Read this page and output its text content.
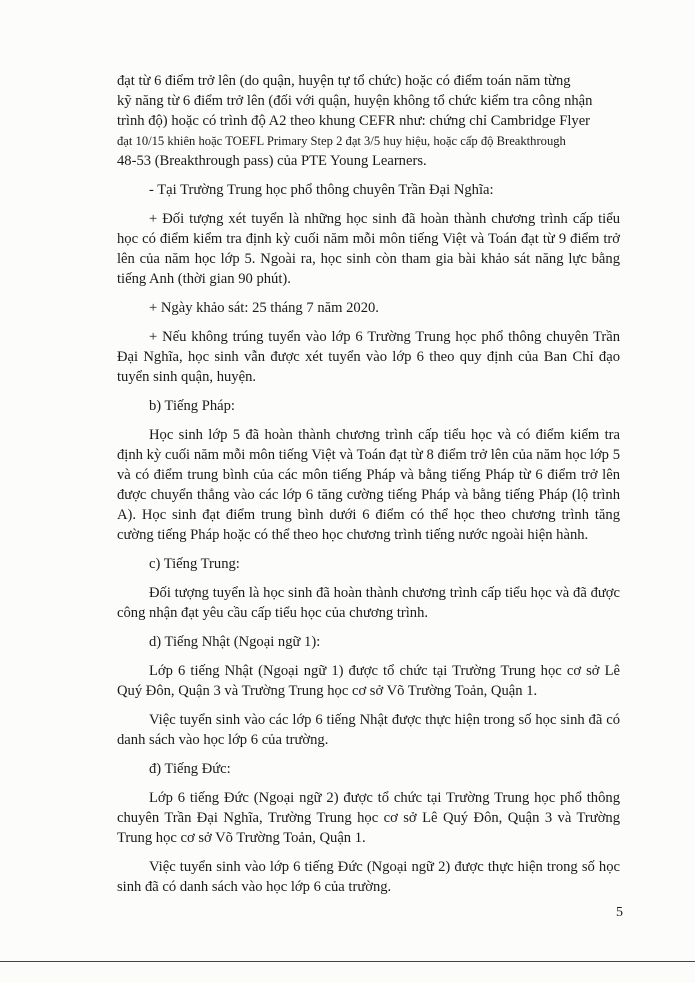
đạt từ 6 điểm trở lên (do quận, huyện tự tổ chức) hoặc có điểm toán năm từng
kỹ năng từ 6 điểm trở lên (đối với quận, huyện không tổ chức kiểm tra công nhận
trình độ) hoặc có trình độ A2 theo khung CEFR như: chứng chỉ Cambridge Flyer
đạt 10/15 khiên hoặc TOEFL Primary Step 2 đạt 3/5 huy hiệu, hoặc cấp độ Breakthrough
48-53 (Breakthrough pass) của PTE Young Learners.

- Tại Trường Trung học phổ thông chuyên Trần Đại Nghĩa:

+ Đối tượng xét tuyển là những học sinh đã hoàn thành chương trình cấp tiểu học có điểm kiểm tra định kỳ cuối năm mỗi môn tiếng Việt và Toán đạt từ 9 điểm trở lên của năm học lớp 5. Ngoài ra, học sinh còn tham gia bài khảo sát năng lực bằng tiếng Anh (thời gian 90 phút).

+ Ngày khảo sát: 25 tháng 7 năm 2020.

+ Nếu không trúng tuyển vào lớp 6 Trường Trung học phổ thông chuyên Trần Đại Nghĩa, học sinh vẫn được xét tuyển vào lớp 6 theo quy định của Ban Chỉ đạo tuyển sinh quận, huyện.

b) Tiếng Pháp:

Học sinh lớp 5 đã hoàn thành chương trình cấp tiểu học và có điểm kiểm tra định kỳ cuối năm mỗi môn tiếng Việt và Toán đạt từ 8 điểm trở lên của năm học lớp 5 và có điểm trung bình của các môn tiếng Pháp và bằng tiếng Pháp từ 6 điểm trở lên được chuyển thẳng vào các lớp 6 tăng cường tiếng Pháp và bằng tiếng Pháp (lộ trình A). Học sinh đạt điểm trung bình dưới 6 điểm có thể học theo chương trình tăng cường tiếng Pháp hoặc có thể theo học chương trình tiếng nước ngoài hiện hành.

c) Tiếng Trung:

Đối tượng tuyển là học sinh đã hoàn thành chương trình cấp tiểu học và đã được công nhận đạt yêu cầu cấp tiểu học của chương trình.

d) Tiếng Nhật (Ngoại ngữ 1):

Lớp 6 tiếng Nhật (Ngoại ngữ 1) được tổ chức tại Trường Trung học cơ sở Lê Quý Đôn, Quận 3 và Trường Trung học cơ sở Võ Trường Toản, Quận 1.

Việc tuyển sinh vào các lớp 6 tiếng Nhật được thực hiện trong số học sinh đã có danh sách vào học lớp 6 của trường.

đ) Tiếng Đức:

Lớp 6 tiếng Đức (Ngoại ngữ 2) được tổ chức tại Trường Trung học phổ thông chuyên Trần Đại Nghĩa, Trường Trung học cơ sở Lê Quý Đôn, Quận 3 và Trường Trung học cơ sở Võ Trường Toản, Quận 1.

Việc tuyển sinh vào lớp 6 tiếng Đức (Ngoại ngữ 2) được thực hiện trong số học sinh đã có danh sách vào học lớp 6 của trường.

5
